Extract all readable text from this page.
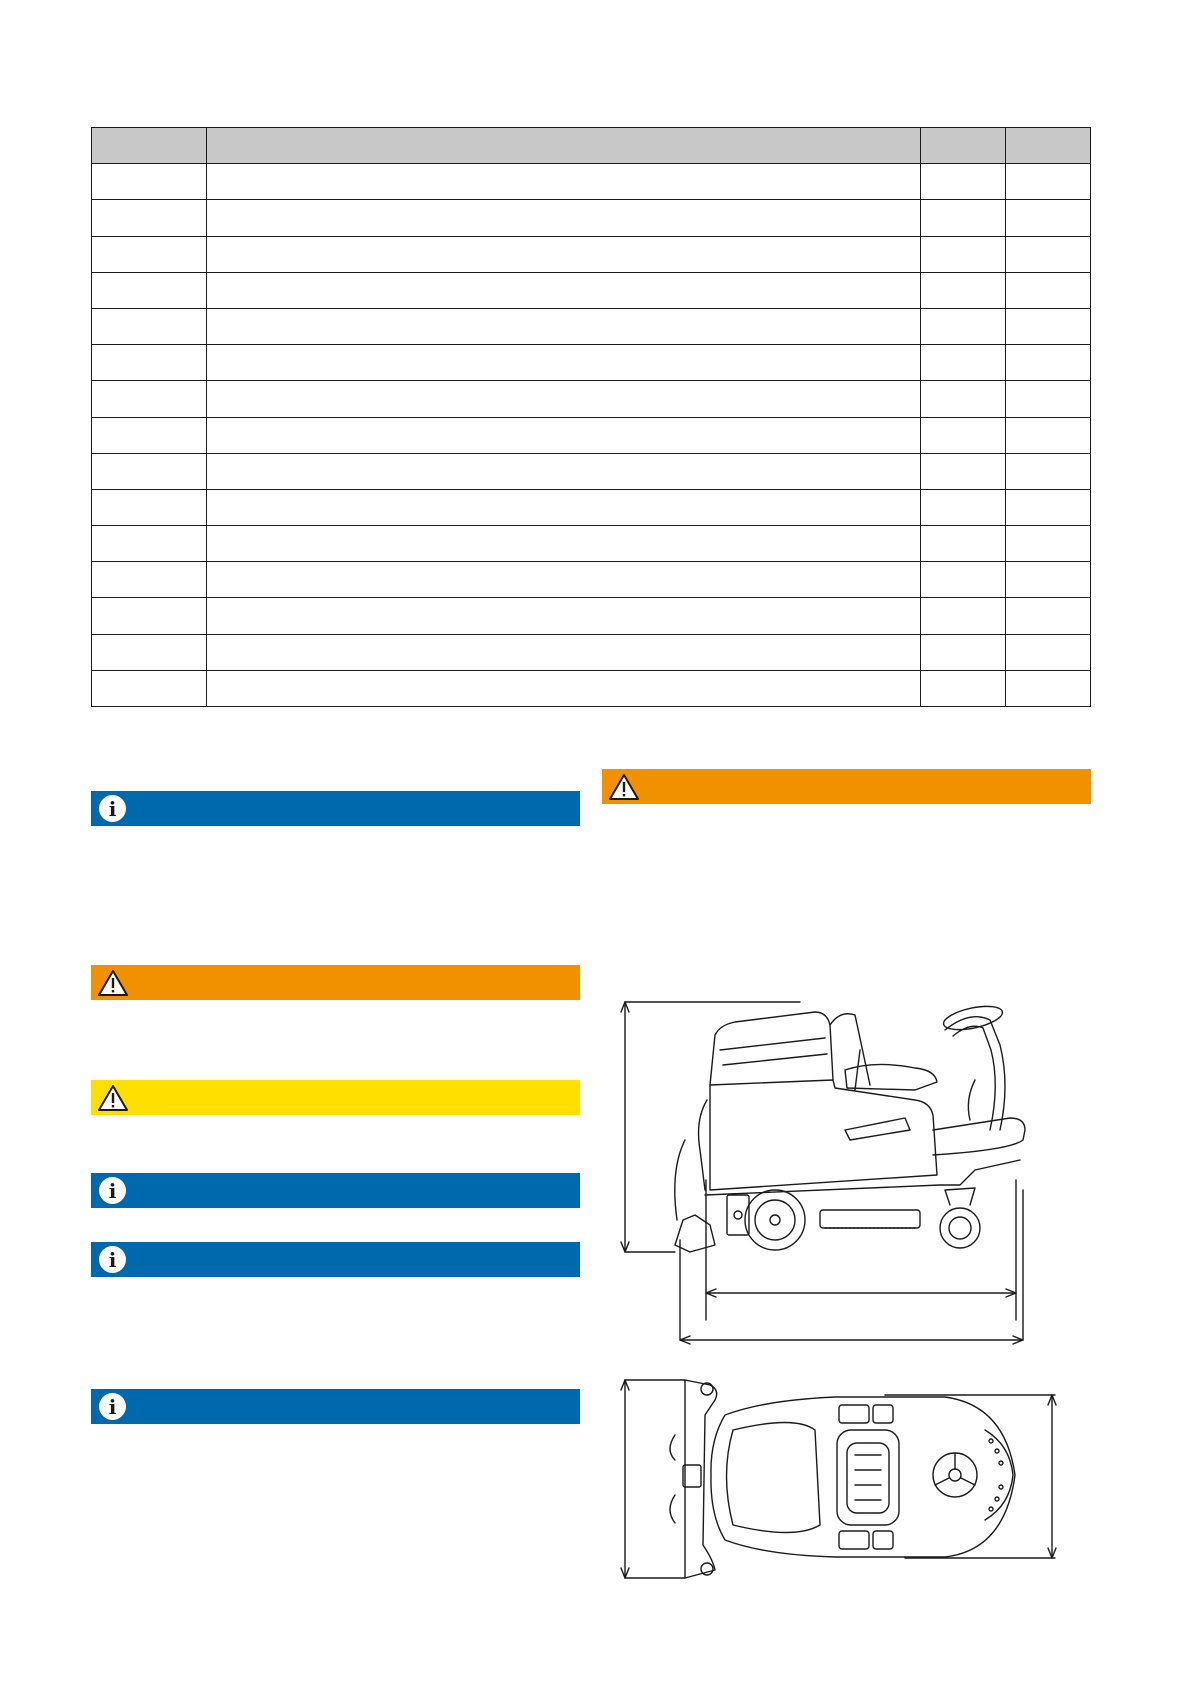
i
i
i
i
